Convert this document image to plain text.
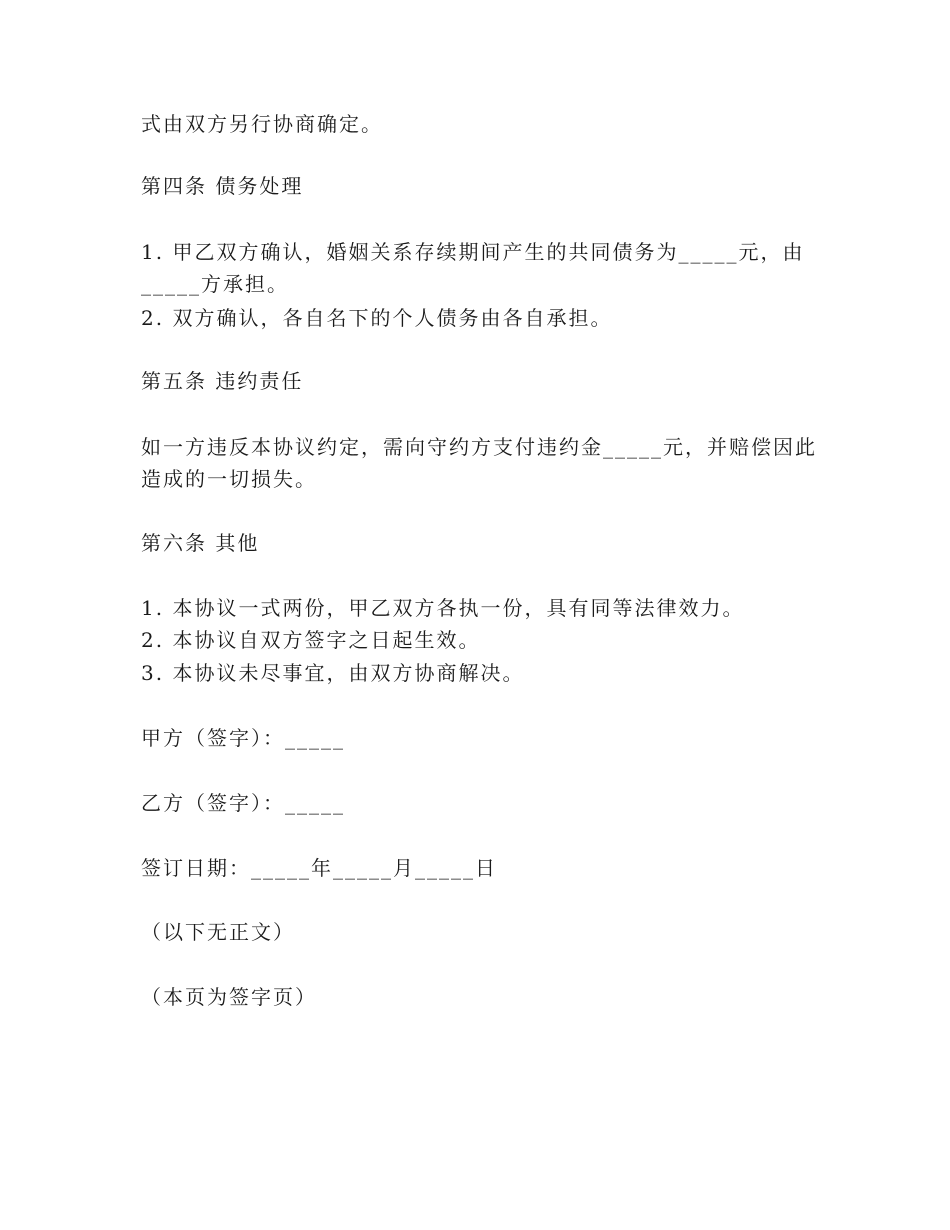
式由双方另行协商确定。
第四条 债务处理
1. 甲乙双方确认，婚姻关系存续期间产生的共同债务为_____元，由
_____方承担。
2. 双方确认，各自名下的个人债务由各自承担。
第五条 违约责任
如一方违反本协议约定，需向守约方支付违约金_____元，并赔偿因此
造成的一切损失。
第六条 其他
1. 本协议一式两份，甲乙双方各执一份，具有同等法律效力。
2. 本协议自双方签字之日起生效。
3. 本协议未尽事宜，由双方协商解决。
甲方（签字）：_____
乙方（签字）：_____
签订日期：_____年_____月_____日
（以下无正文）
（本页为签字页）
